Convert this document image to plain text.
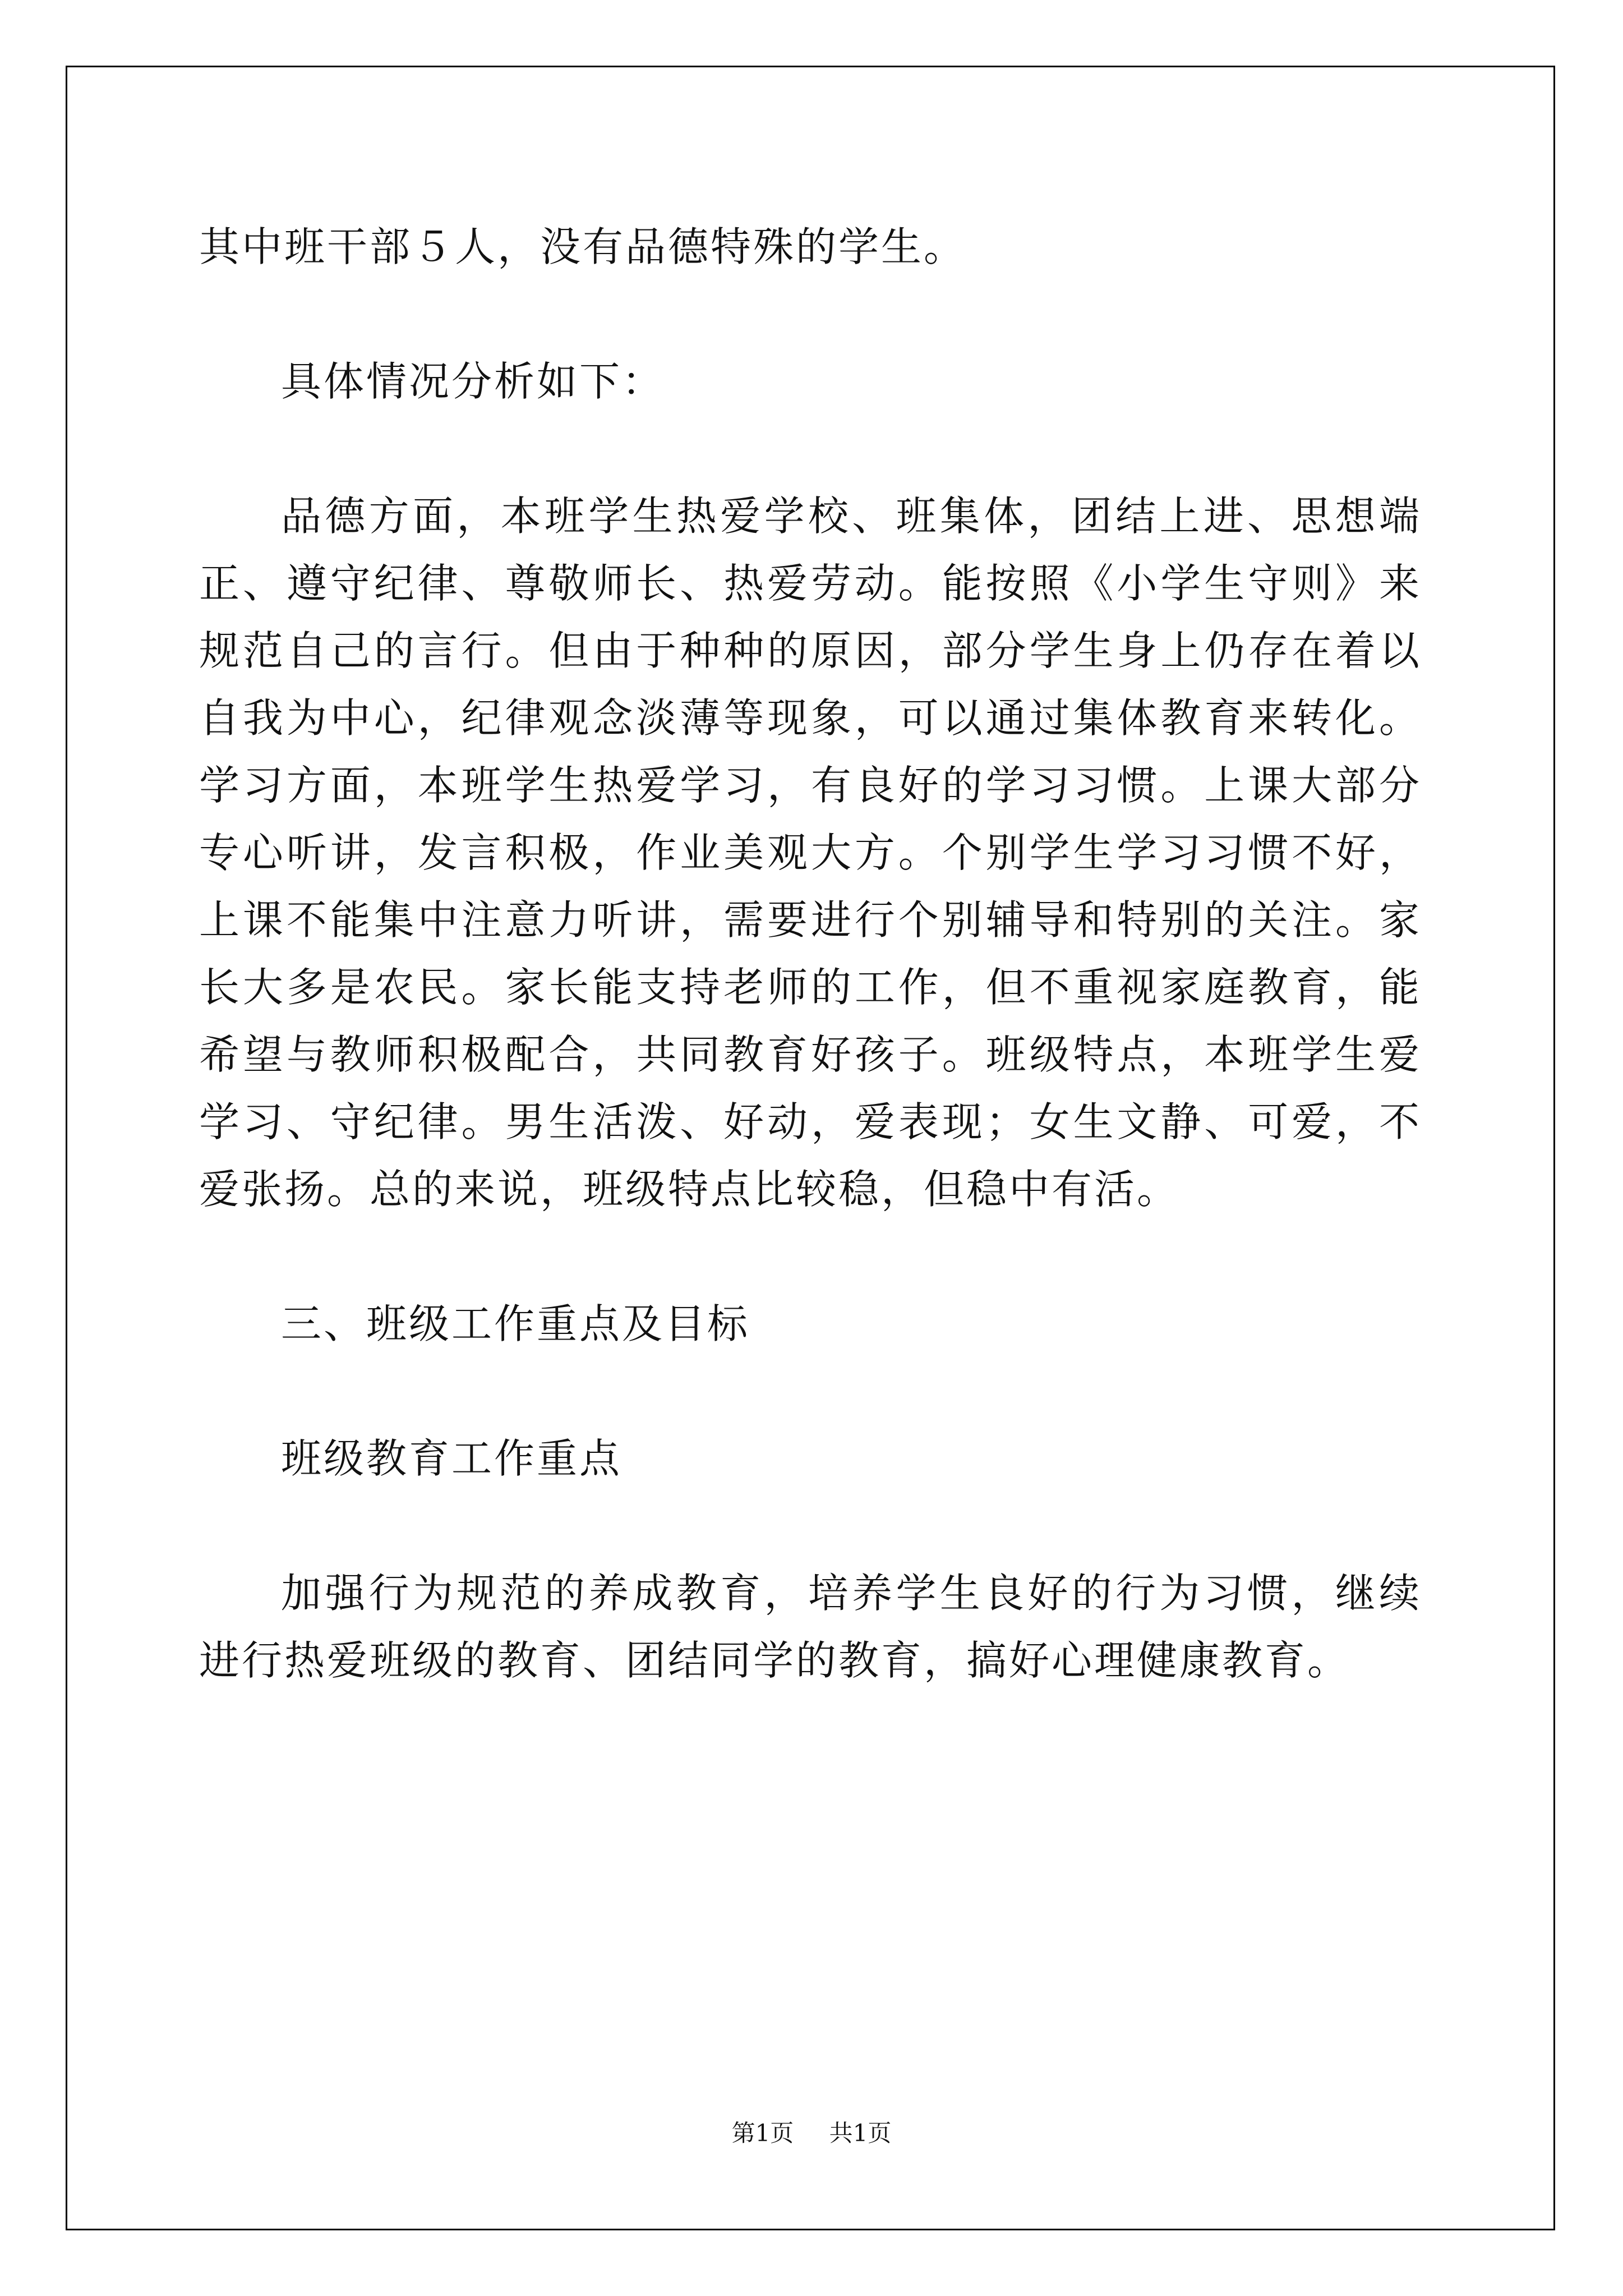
其中班干部５人，没有品德特殊的学生。

具体情况分析如下：

品德方面，本班学生热爱学校、班集体，团结上进、思想端正、遵守纪律、尊敬师长、热爱劳动。能按照《小学生守则》来规范自己的言行。但由于种种的原因，部分学生身上仍存在着以自我为中心，纪律观念淡薄等现象，可以通过集体教育来转化。学习方面，本班学生热爱学习，有良好的学习习惯。上课大部分专心听讲，发言积极，作业美观大方。个别学生学习习惯不好，上课不能集中注意力听讲，需要进行个别辅导和特别的关注。家长大多是农民。家长能支持老师的工作，但不重视家庭教育，能希望与教师积极配合，共同教育好孩子。班级特点，本班学生爱学习、守纪律。男生活泼、好动，爱表现；女生文静、可爱，不爱张扬。总的来说，班级特点比较稳，但稳中有活。

三、班级工作重点及目标

班级教育工作重点

加强行为规范的养成教育，培养学生良好的行为习惯，继续进行热爱班级的教育、团结同学的教育，搞好心理健康教育。

第1页 共1页
